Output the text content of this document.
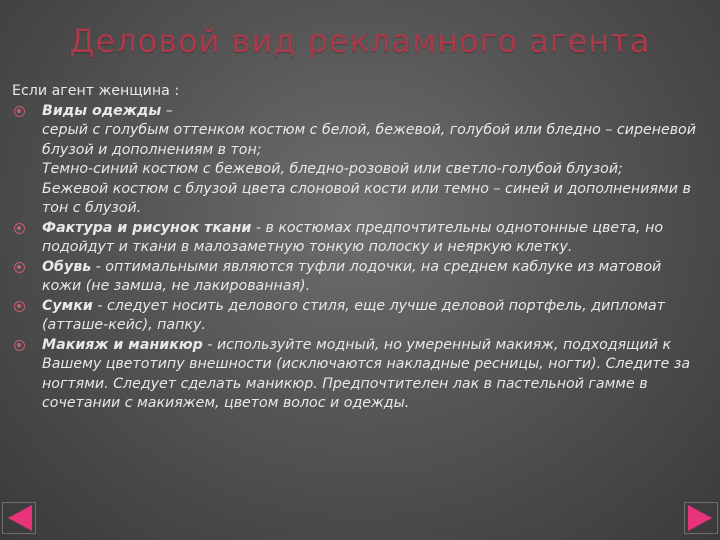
Деловой вид рекламного агента
Если агент женщина :
Виды одежды –
серый с голубым оттенком костюм с белой, бежевой, голубой или бледно – сиреневой блузой и дополнениям в тон;
Темно-синий костюм с бежевой, бледно-розовой или светло-голубой блузой;
Бежевой костюм с блузой цвета слоновой кости или темно – синей и дополнениями в тон с блузой.
Фактура и рисунок ткани - в костюмах предпочтительны однотонные цвета, но подойдут и ткани в малозаметную тонкую полоску и неяркую клетку.
Обувь - оптимальными являются туфли лодочки, на среднем каблуке из матовой кожи (не замша, не лакированная).
Сумки - следует носить делового стиля, еще лучше деловой портфель, дипломат (атташе-кейс), папку.
Макияж и маникюр - используйте модный, но умеренный макияж, подходящий к Вашему цветотипу внешности (исключаются накладные ресницы, ногти). Следите за ногтями. Следует сделать маникюр. Предпочтителен лак в пастельной гамме в сочетании с макияжем, цветом волос и одежды.
